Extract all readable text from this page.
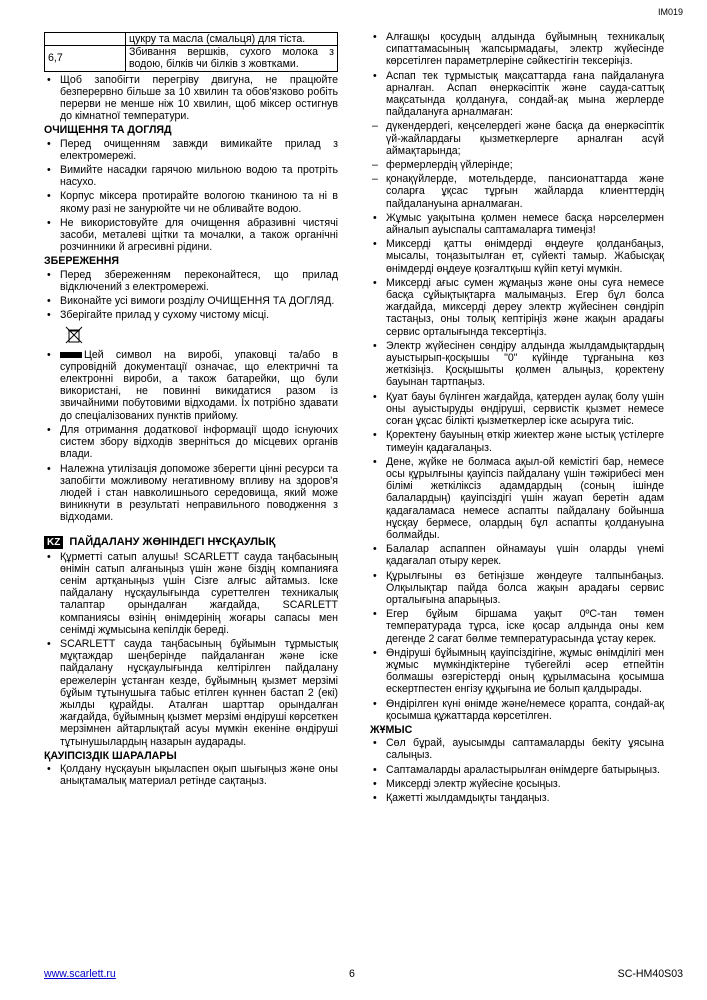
IM019
	цукру та масла (смальця) для тіста.
6,7	Збивання вершків, сухого молока з водою, білків чи білків з жовтками.
• Щоб запобігти перегріву двигуна, не працюйте безперервно більше за 10 хвилин та обов'язково робіть перерви не менше ніж 10 хвилин, щоб міксер остигнув до кімнатної температури.
ОЧИЩЕННЯ ТА ДОГЛЯД
• Перед очищенням завжди вимикайте прилад з електромережі.
• Вимийте насадки гарячою мильною водою та протріть насухо.
• Корпус міксера протирайте вологою тканиною та ні в якому разі не занурюйте чи не обливайте водою.
• Не використовуйте для очищення абразивні чистячі засоби, металеві щітки та мочалки, а також органічні розчинники й агресивні рідини.
ЗБЕРЕЖЕННЯ
• Перед збереженням переконайтеся, що прилад відключений з електромережі.
• Виконайте усі вимоги розділу ОЧИЩЕННЯ ТА ДОГЛЯД.
• Зберігайте прилад у сухому чистому місці.
• Цей символ на виробі, упаковці та/або в супровідній документації означає, що електричні та електронні вироби, а також батарейки, що були використані, не повинні викидатися разом із звичайними побутовими відходами. Їх потрібно здавати до спеціалізованих пунктів прийому.
• Для отримання додаткової інформації щодо існуючих систем збору відходів зверніться до місцевих органів влади.
• Належна утилізація допоможе зберегти цінні ресурси та запобігти можливому негативному впливу на здоров'я людей і стан навколишнього середовища, який може виникнути в результаті неправильного поводження з відходами.
KZ ПАЙДАЛАНУ ЖӨНІНДЕГІ НҰСҚАУЛЫҚ
• Құрметті сатып алушы! SCARLETT сауда таңбасының өнімін сатып алғаныңыз үшін және біздің компанияға сенім артқаныңыз үшін Сізге алғыс айтамыз. Іске пайдалану нұсқаулығында суреттелген техникалық талаптар орындалған жағдайда, SCARLETT компаниясы өзінің өнімдерінің жоғары сапасы мен сенімді жұмысына кепілдік береді.
• SCARLETT сауда таңбасының бұйымын тұрмыстық мұқтаждар шеңберінде пайдаланған және іске пайдалану нұсқаулығында келтірілген пайдалану ережелерін ұстанған кезде, бұйымның қызмет мерзімі бұйым тұтынушыға табыс етілген күннен бастап 2 (екі) жылды құрайды. Аталған шарттар орындалған жағдайда, бұйымның қызмет мерзімі өндіруші көрсеткен мерзімнен айтарлықтай асуы мүмкін екеніне өндіруші тұтынушылардың назарын аударады.
ҚАУІПСІЗДІК ШАРАЛАРЫ
• Қолдану нұсқауын ықыласпен оқып шығыңыз және оны анықтамалық материал ретінде сақтаңыз.
• Алғашқы қосудың алдында бұйымның техникалық сипаттамасының жапсырмадағы, электр жүйесінде көрсетілген параметрлеріне сәйкестігін тексеріңіз.
• Аспап тек тұрмыстық мақсаттарда ғана пайдалануға арналған. Аспап өнеркәсіптік және сауда-саттық мақсатында қолдануға, сондай-ақ мына жерлерде пайдалануға арналмаған:
– дүкендердегі, кеңселердегі және басқа да өнеркәсіптік үй-жайлардағы қызметкерлерге арналған асүй аймақтарында;
– фермерлердің үйлерінде;
– қонақүйлерде, мотельдерде, пансионаттарда және соларға ұқсас тұрғын жайларда клиенттердің пайдалануына арналмаған.
• Жұмыс уақытына қолмен немесе басқа нәрселермен айналып ауыспалы саптамаларға тимеңіз!
• Миксерді қатты өнімдерді өңдеуге қолданбаңыз, мысалы, тоңазытылған ет, сүйекті тамыр. Жабысқақ өнімдерді өңдеуе қозғалтқыш күйіп кетуі мүмкін.
• Миксерді ағыс сумен жұмаңыз және оны суға немесе басқа сұйықтықтарға малымаңыз. Егер бұл болса жағдайда, миксерді дереу электр жүйесінен сөндіріп тастаңыз, оны толық кептіріңіз және жақын арадағы сервис орталығында тексертіңіз.
• Электр жүйесінен сөндіру алдында жылдамдықтардың ауыстырып-қосқышы "0" күйінде тұрғанына көз жеткізіңіз. Қосқышыты қолмен алыңыз, қоректену бауынан тартпаңыз.
• Қуат бауы бүлінген жағдайда, қатерден аулақ болу үшін оны ауыстыруды өндіруші, сервистік қызмет немесе соған ұқсас білікті қызметкерлер іске асыруға тиіс.
• Қоректену бауының өткір жиектер және ыстық үстілерге тимеуін қадағалаңыз.
• Дене, жүйке не болмаса ақыл-ой кемістігі бар, немесе осы құрылғыны қауіпсіз пайдалану үшін тәжірибесі мен білімі жеткіліксіз адамдардың (соның ішінде балалардың) қауіпсіздігі үшін жауап беретін адам қадағаламаса немесе аспапты пайдалану бойынша нұсқау бермесе, олардың бұл аспапты қолдануына болмайды.
• Балалар аспаппен ойнамауы үшін оларды үнемі қадағалап отыру керек.
• Құрылғыны өз бетіңізше жөндеуге талпынбаңыз. Олқылықтар пайда болса жақын арадағы сервис орталығына апарыңыз.
• Егер бұйым біршама уақыт 0ºС-тан төмен температурада тұрса, іске қосар алдында оны кем дегенде 2 сағат бөлме температурасында ұстау керек.
• Өндіруші бұйымның қауіпсіздігіне, жұмыс өнімділігі мен жұмыс мүмкіндіктеріне түбегейлі әсер етпейтін болмашы өзгерістерді оның құрылмасына қосымша ескертпестен енгізу құқығына ие болып қалдырады.
• Өндірілген күні өнімде және/немесе қорапта, сондай-ақ қосымша құжаттарда көрсетілген.
ЖҰМЫС
• Сөл бұрай, ауысымды саптамаларды бекіту ұясына салыңыз.
• Саптамаларды араластырылған өнімдерге батырыңыз.
• Миксерді электр жүйесіне қосыңыз.
• Қажетті жылдамдықты таңдаңыз.
www.scarlett.ru	6	SC-HM40S03
